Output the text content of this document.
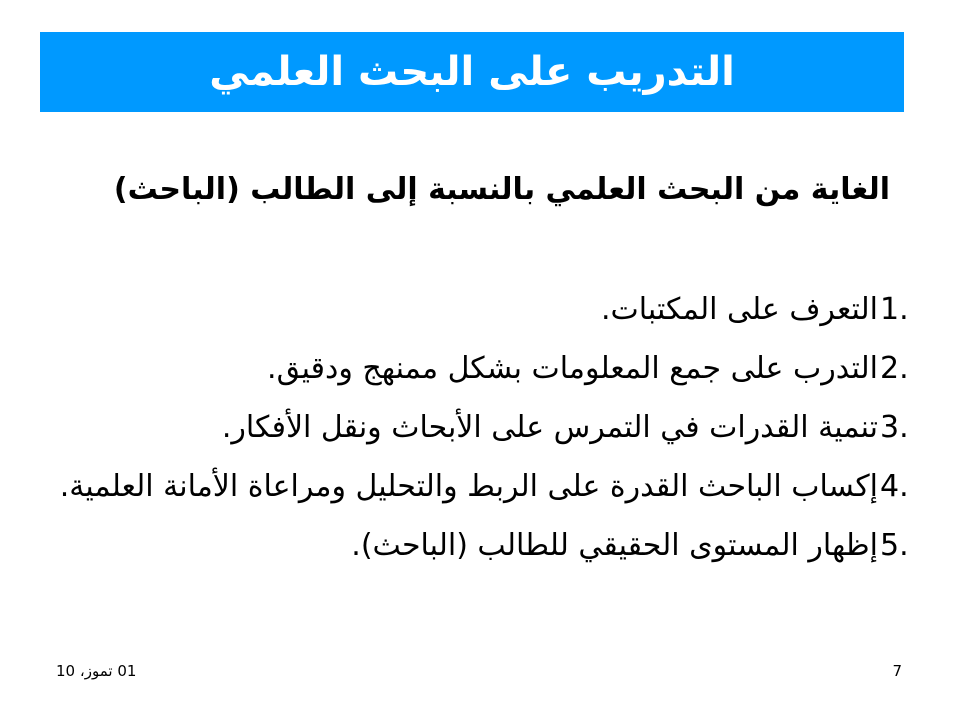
التدريب على البحث العلمي
الغاية من البحث العلمي بالنسبة إلى الطالب (الباحث)
1.
التعرف على المكتبات.
2.
التدرب على جمع المعلومات بشكل ممنهج ودقيق.
3.
تنمية القدرات في التمرس على الأبحاث ونقل الأفكار.
4.
إكساب الباحث القدرة على الربط والتحليل ومراعاة الأمانة العلمية.
5.
إظهار المستوى الحقيقي للطالب (الباحث).
01 تموز، 10	7
